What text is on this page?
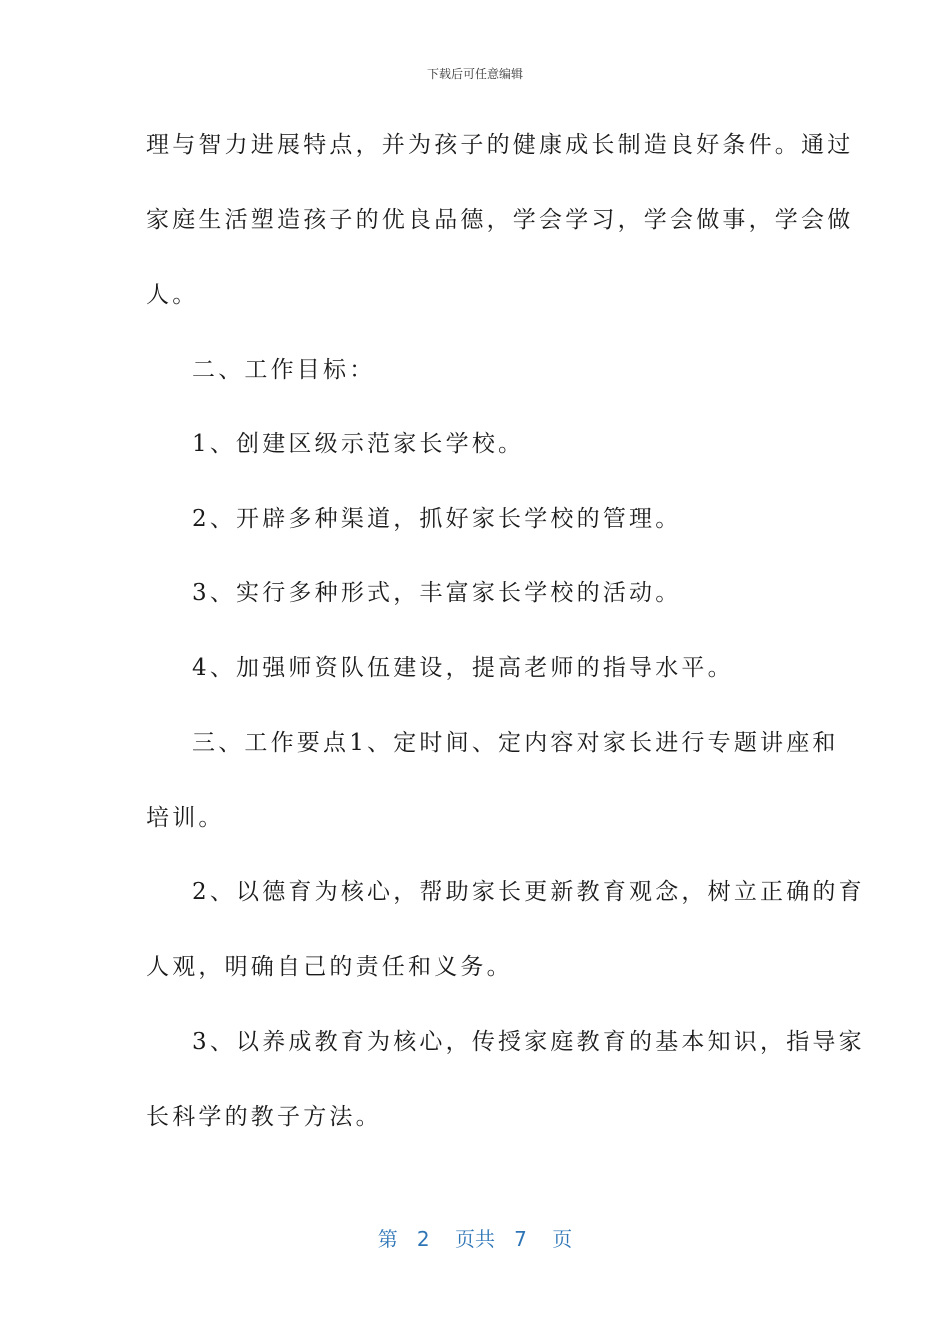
下载后可任意编辑
理与智力进展特点，并为孩子的健康成长制造良好条件。通过
家庭生活塑造孩子的优良品德，学会学习，学会做事，学会做
人。
二、工作目标：
1、创建区级示范家长学校。
2、开辟多种渠道，抓好家长学校的管理。
3、实行多种形式，丰富家长学校的活动。
4、加强师资队伍建设，提高老师的指导水平。
三、工作要点1、定时间、定内容对家长进行专题讲座和
培训。
2、以德育为核心，帮助家长更新教育观念，树立正确的育
人观，明确自己的责任和义务。
3、以养成教育为核心，传授家庭教育的基本知识，指导家
长科学的教子方法。
第 2 页共 7 页
